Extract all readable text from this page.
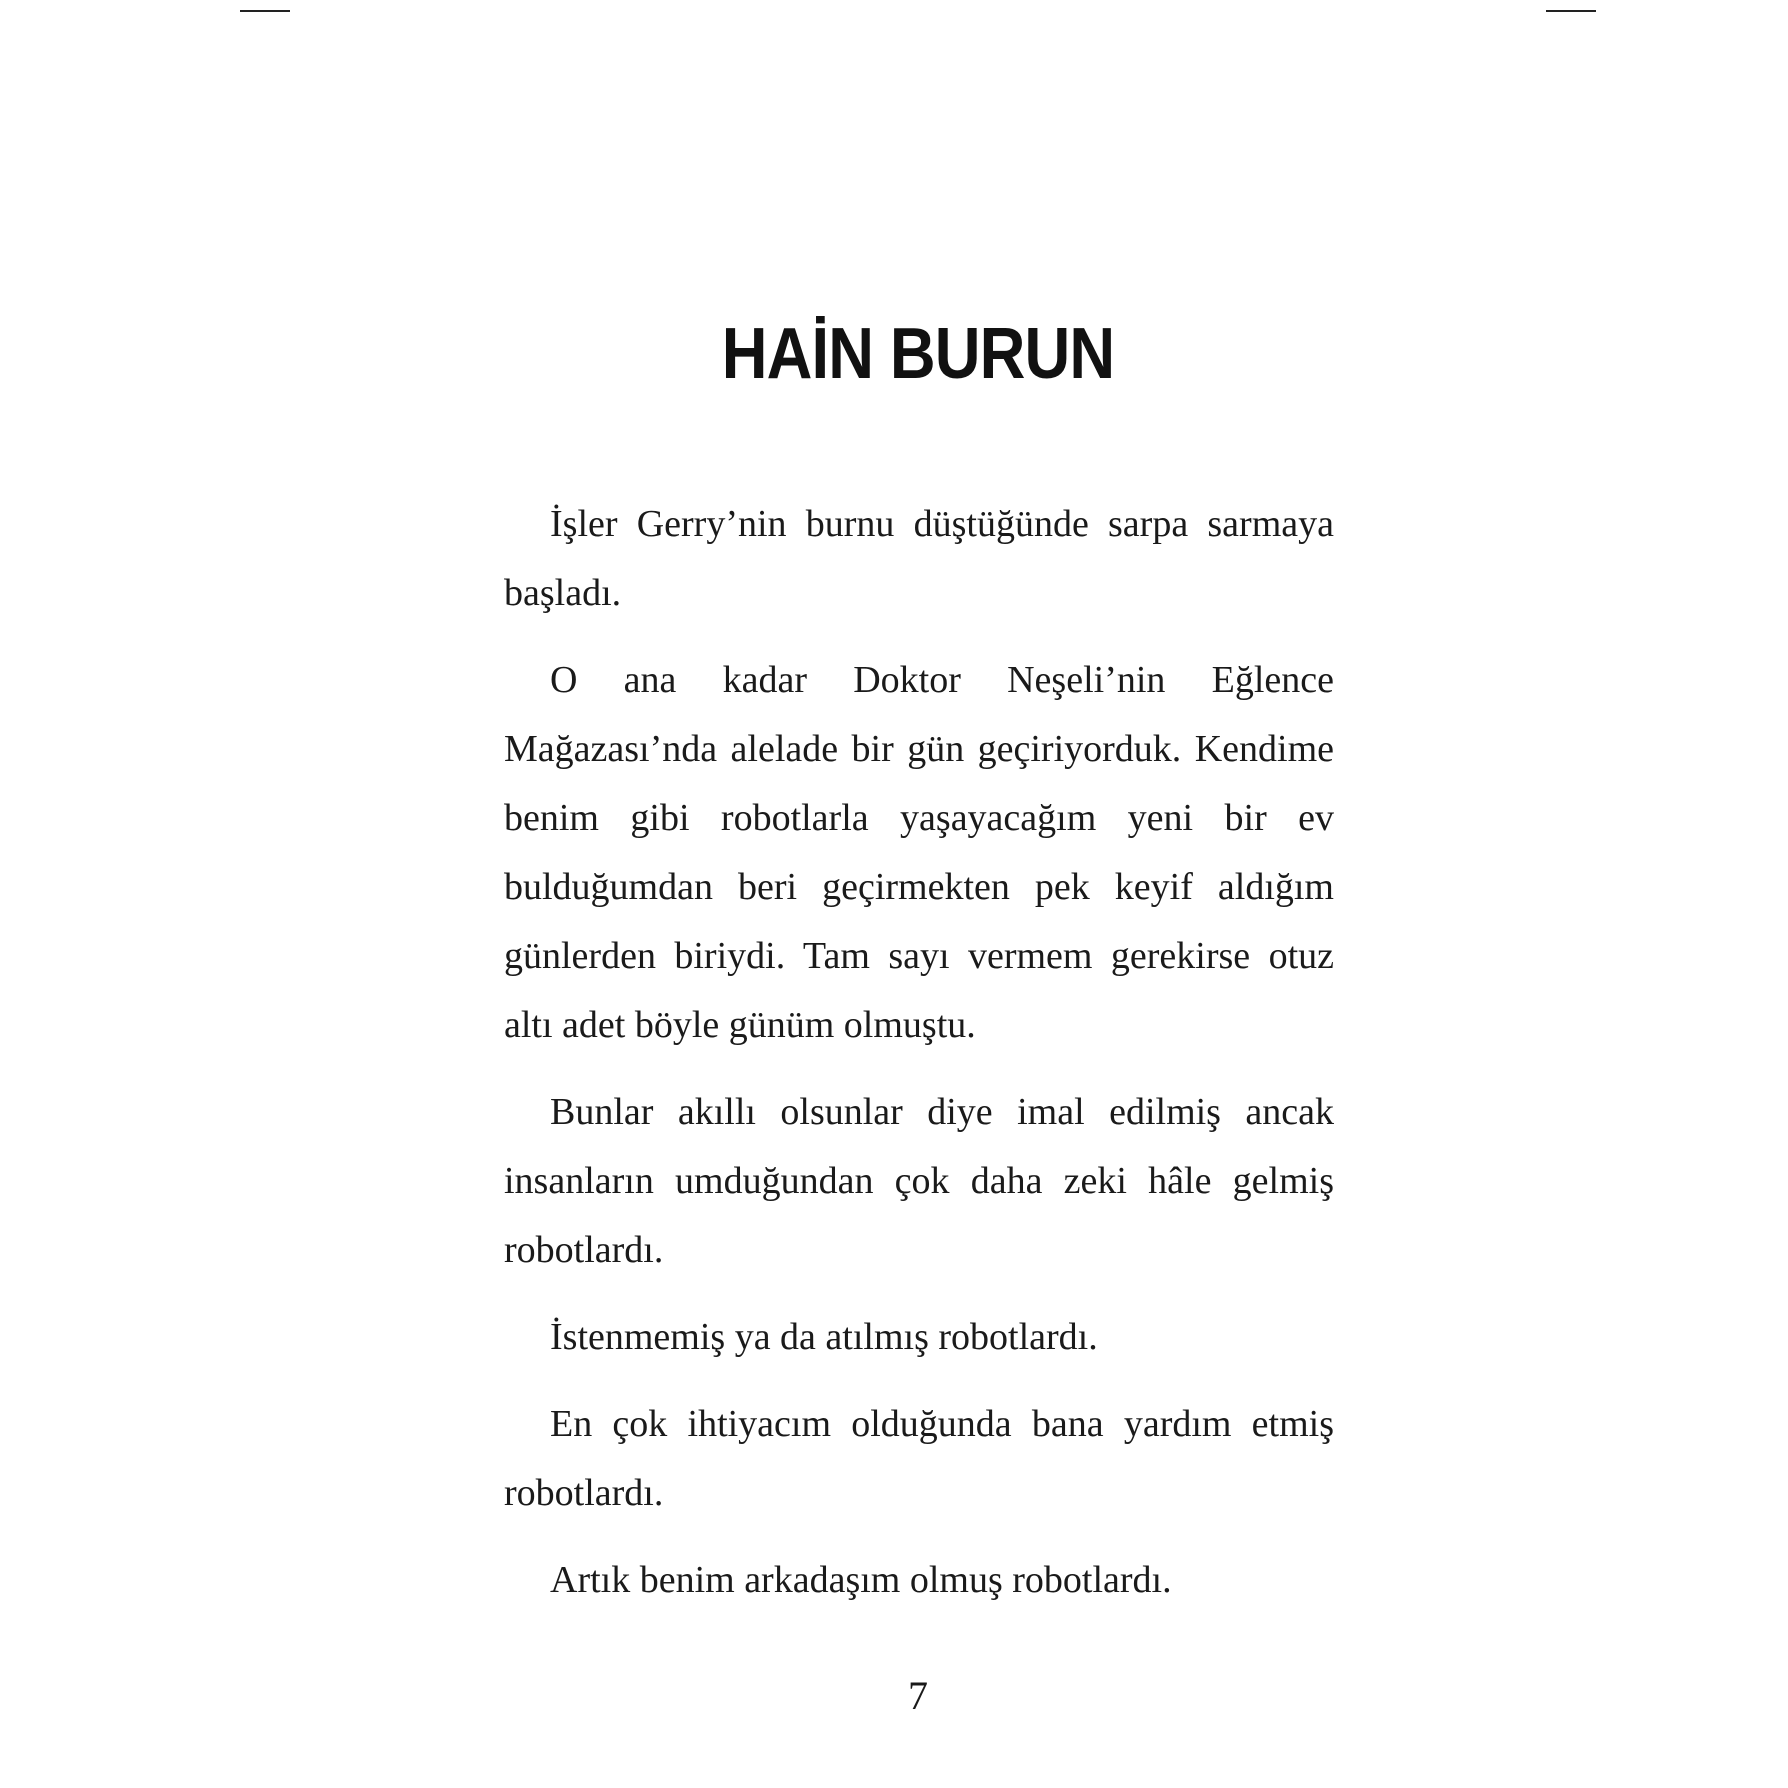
HAİN BURUN

İşler Gerry’nin burnu düştüğünde sarpa sarmaya başladı.

O ana kadar Doktor Neşeli’nin Eğlence Mağazası’nda alelade bir gün geçiriyorduk. Kendime benim gibi robotlarla yaşayacağım yeni bir ev bulduğumdan beri geçirmekten pek keyif aldığım günlerden biriydi. Tam sayı vermem gerekirse otuz altı adet böyle günüm olmuştu.

Bunlar akıllı olsunlar diye imal edilmiş ancak insanların umduğundan çok daha zeki hâle gelmiş robotlardı.

İstenmemiş ya da atılmış robotlardı.

En çok ihtiyacım olduğunda bana yardım etmiş robotlardı.

Artık benim arkadaşım olmuş robotlardı.

7
